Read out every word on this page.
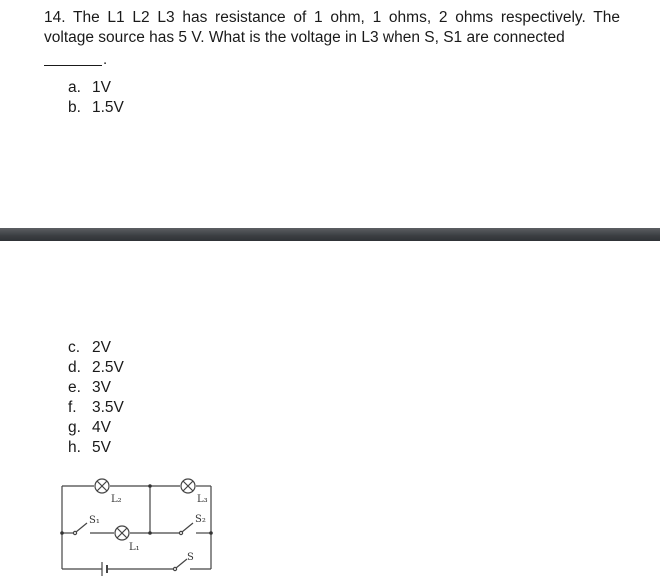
14. The L1 L2 L3 has resistance of 1 ohm, 1 ohms, 2 ohms respectively. The voltage source has 5 V. What is the voltage in L3 when S, S1 are connected

.
a. 1V
b. 1.5V
c. 2V
d. 2.5V
e. 3V
f. 3.5V
g. 4V
h. 5V
L₂	L₃
S₁	S₂
L₁
S
